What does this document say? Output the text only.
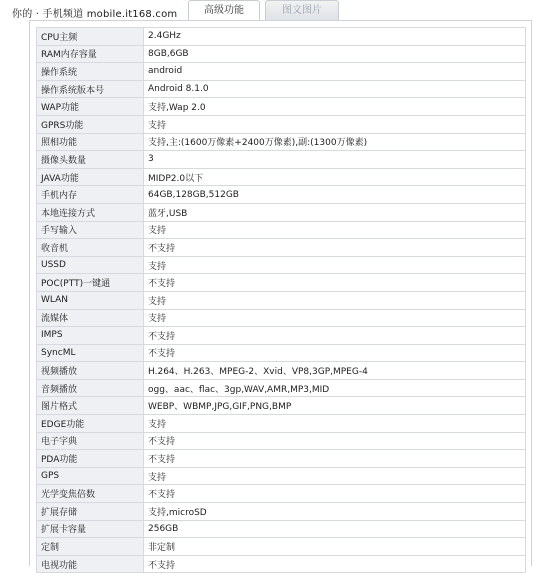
你的 · 手机频道 mobile.it168.com	高级功能	图文图片
CPU主频	2.4GHz
RAM内存容量	8GB,6GB
操作系统	android
操作系统版本号	Android 8.1.0
WAP功能	支持,Wap 2.0
GPRS功能	支持
照相功能	支持,主:(1600万像素+2400万像素),副:(1300万像素)
摄像头数量	3
JAVA功能	MIDP2.0以下
手机内存	64GB,128GB,512GB
本地连接方式	蓝牙,USB
手写输入	支持
收音机	不支持
USSD	支持
POC(PTT)一键通	不支持
WLAN	支持
流媒体	支持
IMPS	不支持
SyncML	不支持
视频播放	H.264、H.263、MPEG-2、Xvid、VP8,3GP,MPEG-4
音频播放	ogg、aac、flac、3gp,WAV,AMR,MP3,MID
图片格式	WEBP、WBMP,JPG,GIF,PNG,BMP
EDGE功能	支持
电子字典	不支持
PDA功能	不支持
GPS	支持
光学变焦倍数	不支持
扩展存储	支持,microSD
扩展卡容量	256GB
定制	非定制
电视功能	不支持
